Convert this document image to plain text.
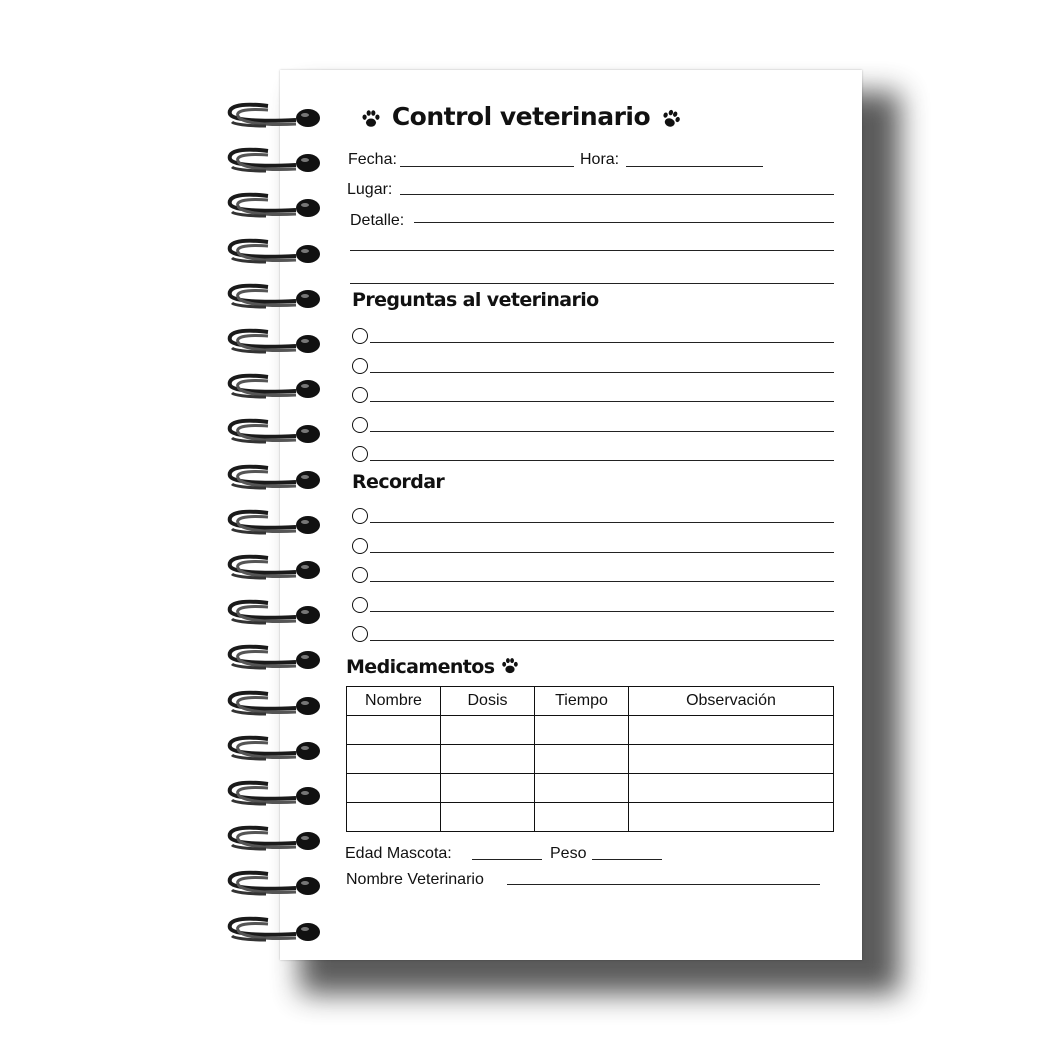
Control veterinario
Fecha:	Hora:
Lugar:
Detalle:
Preguntas al veterinario
Recordar
Medicamentos
Nombre	Dosis	Tiempo	Observación

Edad Mascota:	Peso
Nombre Veterinario
